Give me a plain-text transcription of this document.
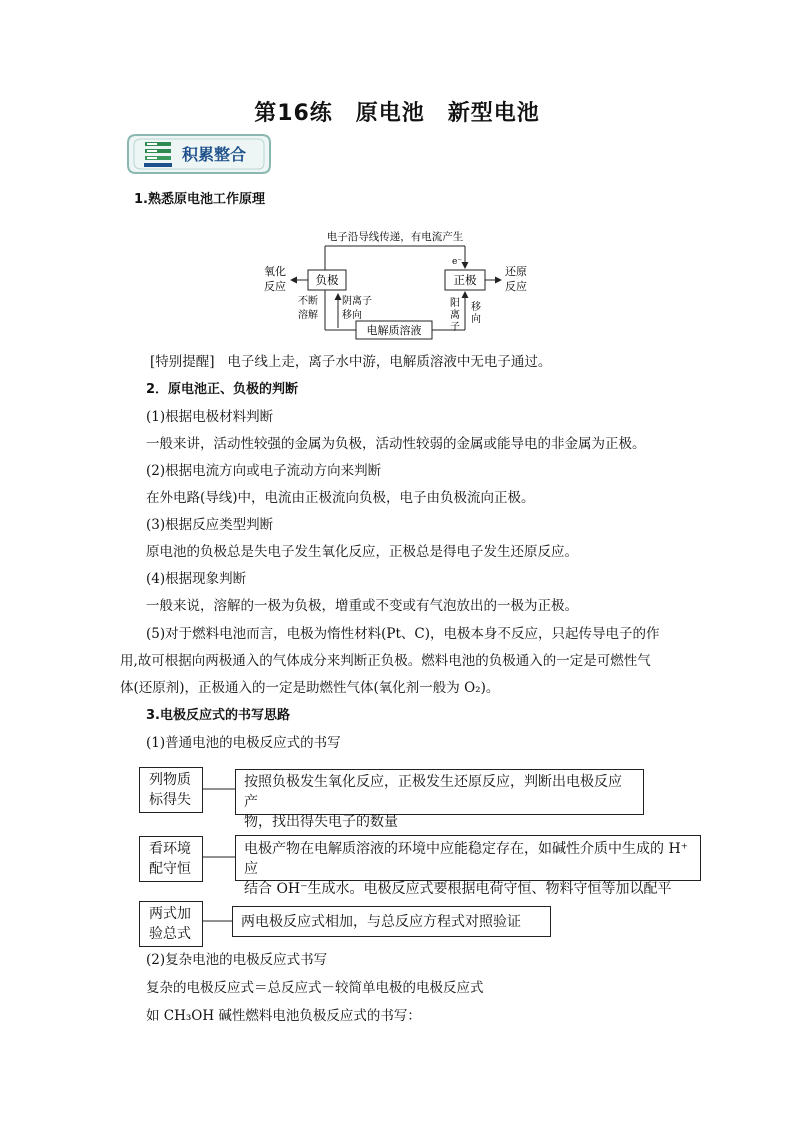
第16练　原电池　新型电池
积累整合
1.熟悉原电池工作原理
电子沿导线传递，有电流产生
e⁻
负极	正极
电解质溶液
氧化
反应
还原
反应
不断
溶解
阴离子
移向
阳
离
子
移
向
[特别提醒] 电子线上走，离子水中游，电解质溶液中无电子通过。
2．原电池正、负极的判断
(1)根据电极材料判断
一般来讲，活动性较强的金属为负极，活动性较弱的金属或能导电的非金属为正极。
(2)根据电流方向或电子流动方向来判断
在外电路(导线)中，电流由正极流向负极，电子由负极流向正极。
(3)根据反应类型判断
原电池的负极总是失电子发生氧化反应，正极总是得电子发生还原反应。
(4)根据现象判断
一般来说，溶解的一极为负极，增重或不变或有气泡放出的一极为正极。
(5)对于燃料电池而言，电极为惰性材料(Pt、C)，电极本身不反应，只起传导电子的作
用,故可根据向两极通入的气体成分来判断正负极。燃料电池的负极通入的一定是可燃性气
体(还原剂)，正极通入的一定是助燃性气体(氧化剂一般为 O₂)。
3.电极反应式的书写思路
(1)普通电池的电极反应式的书写
列物质
标得失
按照负极发生氧化反应，正极发生还原反应，判断出电极反应产
物，找出得失电子的数量
看环境
配守恒
电极产物在电解质溶液的环境中应能稳定存在，如碱性介质中生成的 H⁺应
结合 OH⁻生成水。电极反应式要根据电荷守恒、物料守恒等加以配平
两式加
验总式
两电极反应式相加，与总反应方程式对照验证
(2)复杂电池的电极反应式书写
复杂的电极反应式＝总反应式－较简单电极的电极反应式
如 CH₃OH 碱性燃料电池负极反应式的书写：
